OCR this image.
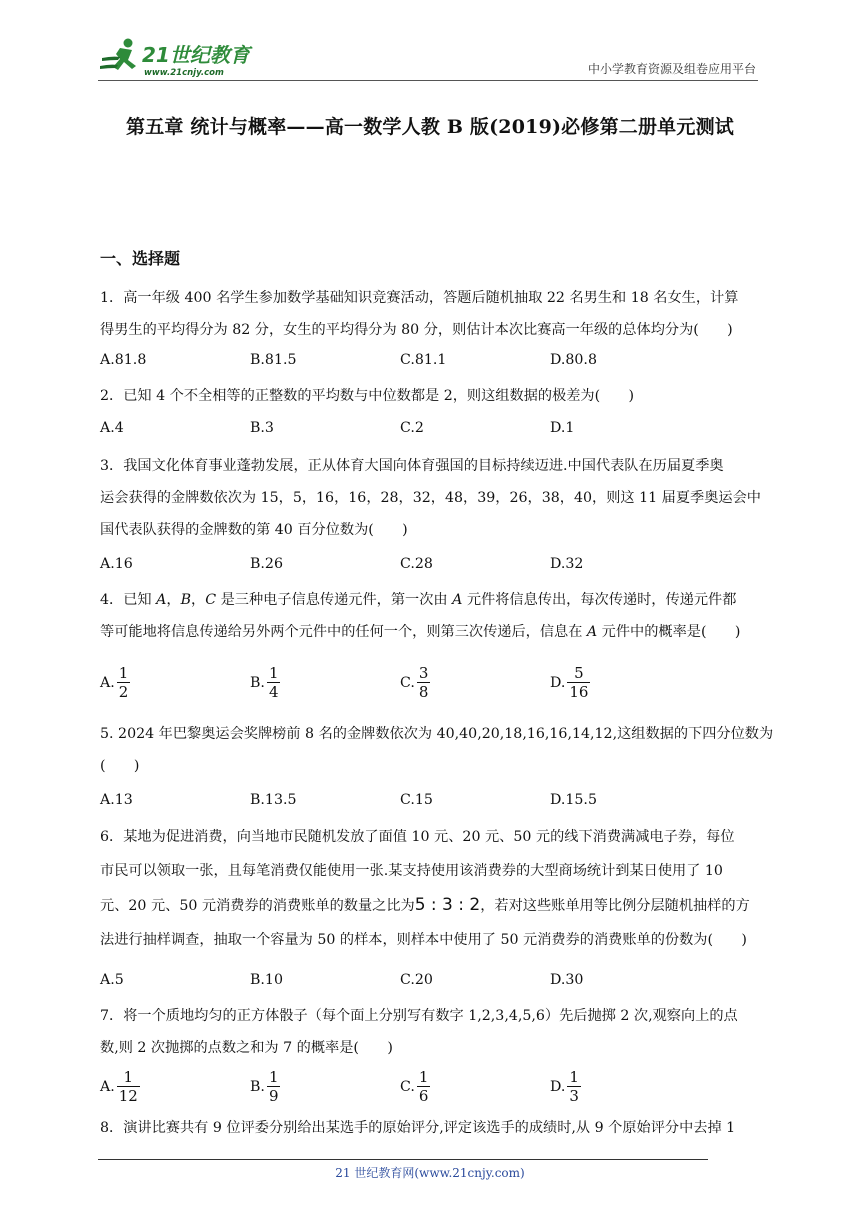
21世纪教育
www.21cnjy.com	中小学教育资源及组卷应用平台
第五章 统计与概率——高一数学人教 B 版(2019)必修第二册单元测试
一、选择题
1．高一年级 400 名学生参加数学基础知识竞赛活动，答题后随机抽取 22 名男生和 18 名女生，计算
得男生的平均得分为 82 分，女生的平均得分为 80 分，则估计本次比赛高一年级的总体均分为(　　)
A.81.8	B.81.5	C.81.1	D.80.8
2．已知 4 个不全相等的正整数的平均数与中位数都是 2，则这组数据的极差为(　　)
A.4	B.3	C.2	D.1
3．我国文化体育事业蓬勃发展，正从体育大国向体育强国的目标持续迈进.中国代表队在历届夏季奥
运会获得的金牌数依次为 15，5，16，16，28，32，48，39，26，38，40，则这 11 届夏季奥运会中
国代表队获得的金牌数的第 40 百分位数为(　　)
A.16	B.26	C.28	D.32
4．已知 A，B，C 是三种电子信息传递元件，第一次由 A 元件将信息传出，每次传递时，传递元件都
等可能地将信息传递给另外两个元件中的任何一个，则第三次传递后，信息在 A 元件中的概率是(　　)
A. $\frac{1}{2}$	B. $\frac{1}{4}$	C. $\frac{3}{8}$	D. $\frac{5}{16}$
5. 2024 年巴黎奥运会奖牌榜前 8 名的金牌数依次为 40,40,20,18,16,16,14,12,这组数据的下四分位数为
(　　)
A.13	B.13.5	C.15	D.15.5
6．某地为促进消费，向当地市民随机发放了面值 10 元、20 元、50 元的线下消费满减电子券，每位
市民可以领取一张，且每笔消费仅能使用一张.某支持使用该消费券的大型商场统计到某日使用了 10
元、20 元、50 元消费券的消费账单的数量之比为5 : 3 : 2，若对这些账单用等比例分层随机抽样的方
法进行抽样调查，抽取一个容量为 50 的样本，则样本中使用了 50 元消费券的消费账单的份数为(　　)
A.5	B.10	C.20	D.30
7．将一个质地均匀的正方体骰子（每个面上分别写有数字 1,2,3,4,5,6）先后抛掷 2 次,观察向上的点
数,则 2 次抛掷的点数之和为 7 的概率是(　　)
A. $\frac{1}{12}$	B. $\frac{1}{9}$	C. $\frac{1}{6}$	D. $\frac{1}{3}$
8．演讲比赛共有 9 位评委分别给出某选手的原始评分,评定该选手的成绩时,从 9 个原始评分中去掉 1
21 世纪教育网(www.21cnjy.com)
